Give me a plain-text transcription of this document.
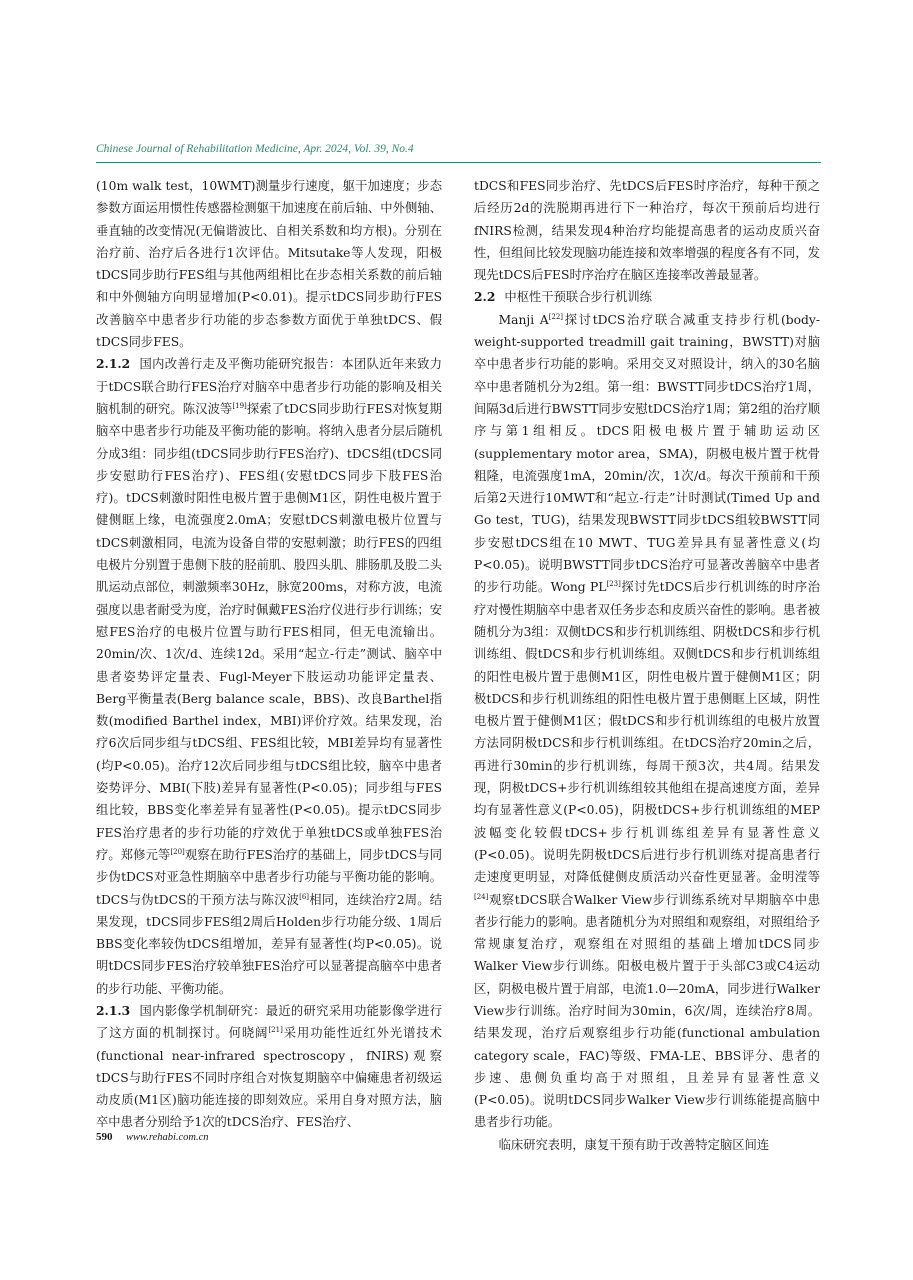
Chinese Journal of Rehabilitation Medicine, Apr. 2024, Vol. 39, No.4

(10m walk test，10WMT)测量步行速度，躯干加速度；步态参数方面运用惯性传感器检测躯干加速度在前后轴、中外侧轴、垂直轴的改变情况(无偏谐波比、自相关系数和均方根)。分别在治疗前、治疗后各进行1次评估。Mitsutake等人发现，阳极tDCS同步助行FES组与其他两组相比在步态相关系数的前后轴和中外侧轴方向明显增加(P<0.01)。提示tDCS同步助行FES改善脑卒中患者步行功能的步态参数方面优于单独tDCS、假tDCS同步FES。

2.1.2 国内改善行走及平衡功能研究报告：本团队近年来致力于tDCS联合助行FES治疗对脑卒中患者步行功能的影响及相关脑机制的研究。陈汉波等[19]探索了tDCS同步助行FES对恢复期脑卒中患者步行功能及平衡功能的影响。将纳入患者分层后随机分成3组：同步组(tDCS同步助行FES治疗)、tDCS组(tDCS同步安慰助行FES治疗)、FES组(安慰tDCS同步下肢FES治疗)。tDCS刺激时阳性电极片置于患侧M1区，阴性电极片置于健侧眶上缘，电流强度2.0mA；安慰tDCS刺激电极片位置与tDCS刺激相同，电流为设备自带的安慰刺激；助行FES的四组电极片分别置于患侧下肢的胫前肌、股四头肌、腓肠肌及股二头肌运动点部位，刺激频率30Hz，脉宽200ms，对称方波，电流强度以患者耐受为度，治疗时佩戴FES治疗仪进行步行训练；安慰FES治疗的电极片位置与助行FES相同，但无电流输出。20min/次、1次/d、连续12d。采用“起立-行走”测试、脑卒中患者姿势评定量表、Fugl-Meyer下肢运动功能评定量表、Berg平衡量表(Berg balance scale，BBS)、改良Barthel指数(modified Barthel index，MBI)评价疗效。结果发现，治疗6次后同步组与tDCS组、FES组比较，MBI差异均有显著性(均P<0.05)。治疗12次后同步组与tDCS组比较，脑卒中患者姿势评分、MBI(下肢)差异有显著性(P<0.05)；同步组与FES组比较，BBS变化率差异有显著性(P<0.05)。提示tDCS同步FES治疗患者的步行功能的疗效优于单独tDCS或单独FES治疗。郑修元等[20]观察在助行FES治疗的基础上，同步tDCS与同步伪tDCS对亚急性期脑卒中患者步行功能与平衡功能的影响。tDCS与伪tDCS的干预方法与陈汉波[6]相同，连续治疗2周。结果发现，tDCS同步FES组2周后Holden步行功能分级、1周后BBS变化率较伪tDCS组增加，差异有显著性(均P<0.05)。说明tDCS同步FES治疗较单独FES治疗可以显著提高脑卒中患者的步行功能、平衡功能。

2.1.3 国内影像学机制研究：最近的研究采用功能影像学进行了这方面的机制探讨。何晓阔[21]采用功能性近红外光谱技术(functional near-infrared spectroscopy，fNIRS)观察tDCS与助行FES不同时序组合对恢复期脑卒中偏瘫患者初级运动皮质(M1区)脑功能连接的即刻效应。采用自身对照方法，脑卒中患者分别给予1次的tDCS治疗、FES治疗、

tDCS和FES同步治疗、先tDCS后FES时序治疗，每种干预之后经历2d的洗脱期再进行下一种治疗，每次干预前后均进行fNIRS检测，结果发现4种治疗均能提高患者的运动皮质兴奋性，但组间比较发现脑功能连接和效率增强的程度各有不同，发现先tDCS后FES时序治疗在脑区连接率改善最显著。

2.2 中枢性干预联合步行机训练

Manji A[22]探讨tDCS治疗联合减重支持步行机(body-weight-supported treadmill gait training，BWSTT)对脑卒中患者步行功能的影响。采用交叉对照设计，纳入的30名脑卒中患者随机分为2组。第一组：BWSTT同步tDCS治疗1周，间隔3d后进行BWSTT同步安慰tDCS治疗1周；第2组的治疗顺序与第1组相反。tDCS阳极电极片置于辅助运动区(supplementary motor area，SMA)，阴极电极片置于枕骨粗隆，电流强度1mA，20min/次，1次/d。每次干预前和干预后第2天进行10MWT和“起立-行走”计时测试(Timed Up and Go test，TUG)，结果发现BWSTT同步tDCS组较BWSTT同步安慰tDCS组在10 MWT、TUG差异具有显著性意义(均P<0.05)。说明BWSTT同步tDCS治疗可显著改善脑卒中患者的步行功能。Wong PL[23]探讨先tDCS后步行机训练的时序治疗对慢性期脑卒中患者双任务步态和皮质兴奋性的影响。患者被随机分为3组：双侧tDCS和步行机训练组、阴极tDCS和步行机训练组、假tDCS和步行机训练组。双侧tDCS和步行机训练组的阳性电极片置于患侧M1区，阴性电极片置于健侧M1区；阴极tDCS和步行机训练组的阳性电极片置于患侧眶上区域，阴性电极片置于健侧M1区；假tDCS和步行机训练组的电极片放置方法同阴极tDCS和步行机训练组。在tDCS治疗20min之后，再进行30min的步行机训练，每周干预3次，共4周。结果发现，阴极tDCS+步行机训练组较其他组在提高速度方面，差异均有显著性意义(P<0.05)，阴极tDCS+步行机训练组的MEP波幅变化较假tDCS+步行机训练组差异有显著性意义(P<0.05)。说明先阴极tDCS后进行步行机训练对提高患者行走速度更明显，对降低健侧皮质活动兴奋性更显著。金明滢等[24]观察tDCS联合Walker View步行训练系统对早期脑卒中患者步行能力的影响。患者随机分为对照组和观察组，对照组给予常规康复治疗，观察组在对照组的基础上增加tDCS同步Walker View步行训练。阳极电极片置于于头部C3或C4运动区，阴极电极片置于肩部，电流1.0—20mA，同步进行Walker View步行训练。治疗时间为30min，6次/周，连续治疗8周。结果发现，治疗后观察组步行功能(functional ambulation category scale，FAC)等级、FMA-LE、BBS评分、患者的步速、患侧负重均高于对照组，且差异有显著性意义(P<0.05)。说明tDCS同步Walker View步行训练能提高脑中患者步行功能。

临床研究表明，康复干预有助于改善特定脑区间连

590 www.rehabi.com.cn
